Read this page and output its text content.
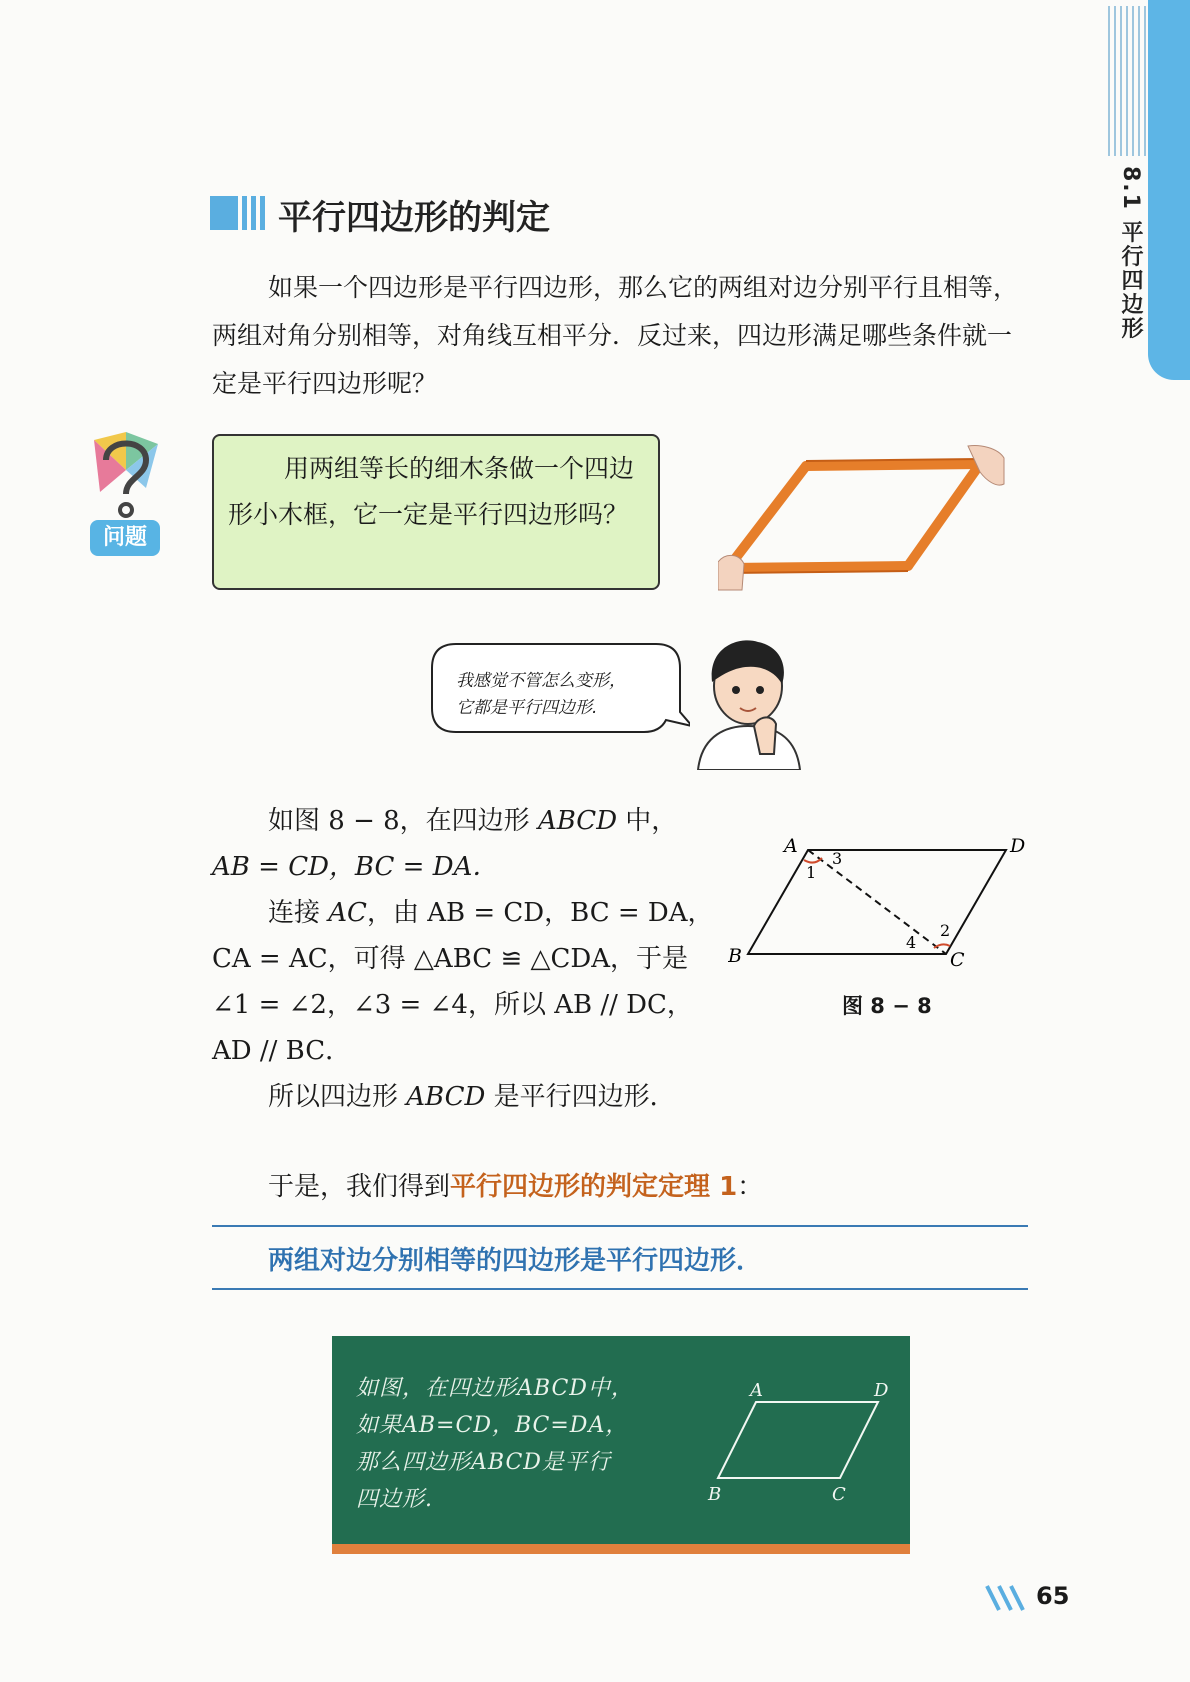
8.1 平行四边形
平行四边形的判定
如果一个四边形是平行四边形，那么它的两组对边分别平行且相等，两组对角分别相等，对角线互相平分．反过来，四边形满足哪些条件就一定是平行四边形呢？
问题
用两组等长的细木条做一个四边形小木框，它一定是平行四边形吗？
我感觉不管怎么变形，
它都是平行四边形.
如图 8 − 8，在四边形 ABCD 中，
AB = CD，BC = DA．
连接 AC，由 AB = CD，BC = DA，
CA = AC，可得 △ABC ≌ △CDA，于是
∠1 = ∠2，∠3 = ∠4，所以 AB // DC，
AD // BC．
所以四边形 ABCD 是平行四边形．
A	D
B	C
1
2
3
4
图 8 − 8
于是，我们得到平行四边形的判定定理 1：
两组对边分别相等的四边形是平行四边形．
如图，在四边形ABCD中，
如果AB=CD，BC=DA，
那么四边形ABCD是平行
四边形.
A	D
B	C
65
